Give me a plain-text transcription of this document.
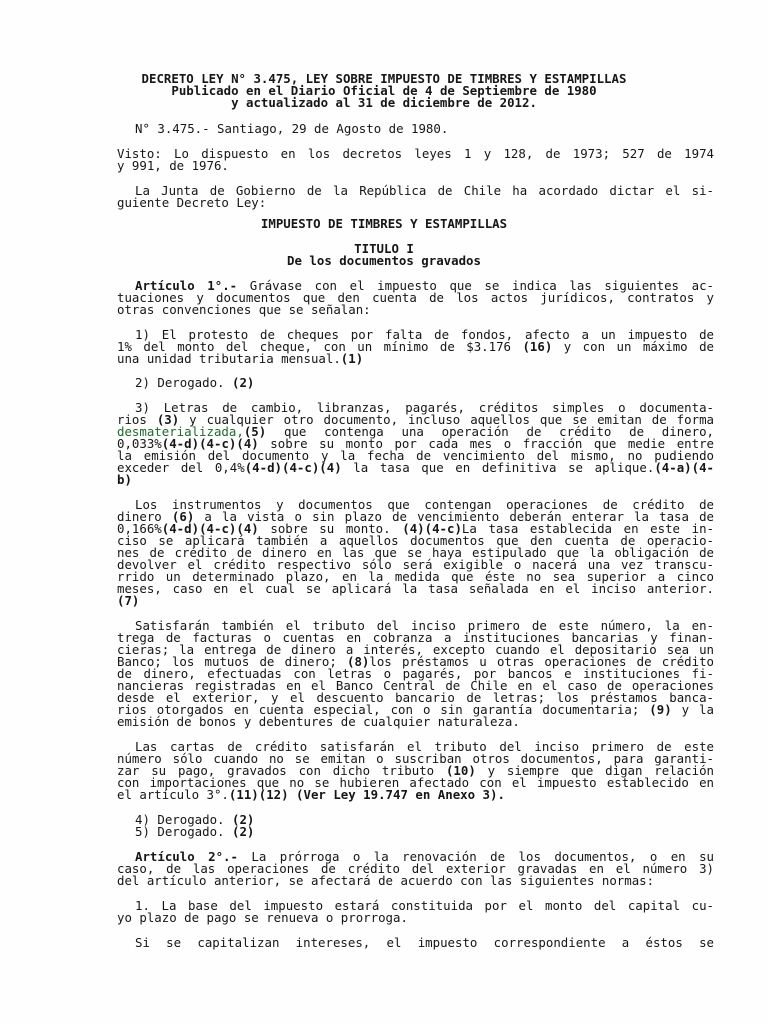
DECRETO LEY N° 3.475, LEY SOBRE IMPUESTO DE TIMBRES Y ESTAMPILLAS
Publicado en el Diario Oficial de 4 de Septiembre de 1980
y actualizado al 31 de diciembre de 2012.
N° 3.475.- Santiago, 29 de Agosto de 1980.
Visto: Lo dispuesto en los decretos leyes 1 y 128, de 1973; 527 de 1974
y 991, de 1976.
La Junta de Gobierno de la República de Chile ha acordado dictar el si-
guiente Decreto Ley:
IMPUESTO DE TIMBRES Y ESTAMPILLAS
TITULO I
De los documentos gravados
Artículo 1°.- Grávase con el impuesto que se indica las siguientes ac-
tuaciones y documentos que den cuenta de los actos jurídicos, contratos y
otras convenciones que se señalan:
1) El protesto de cheques por falta de fondos, afecto a un impuesto de
1% del monto del cheque, con un mínimo de $3.176 (16) y con un máximo de
una unidad tributaria mensual.(1)
2) Derogado. (2)
3) Letras de cambio, libranzas, pagarés, créditos simples o documenta-
rios (3) y cualquier otro documento, incluso aquellos que se emitan de forma
desmaterializada,(5) que contenga una operación de crédito de dinero,
0,033%(4-d)(4-c)(4) sobre su monto por cada mes o fracción que medie entre
la emisión del documento y la fecha de vencimiento del mismo, no pudiendo
exceder del 0,4%(4-d)(4-c)(4) la tasa que en definitiva se aplique.(4-a)(4-
b)
Los instrumentos y documentos que contengan operaciones de crédito de
dinero (6) a la vista o sin plazo de vencimiento deberán enterar la tasa de
0,166%(4-d)(4-c)(4) sobre su monto. (4)(4-c)La tasa establecida en este in-
ciso se aplicará también a aquellos documentos que den cuenta de operacio-
nes de crédito de dinero en las que se haya estipulado que la obligación de
devolver el crédito respectivo sólo será exigible o nacerá una vez transcu-
rrido un determinado plazo, en la medida que éste no sea superior a cinco
meses, caso en el cual se aplicará la tasa señalada en el inciso anterior.
(7)
Satisfarán también el tributo del inciso primero de este número, la en-
trega de facturas o cuentas en cobranza a instituciones bancarias y finan-
cieras; la entrega de dinero a interés, excepto cuando el depositario sea un
Banco; los mutuos de dinero; (8)los préstamos u otras operaciones de crédito
de dinero, efectuadas con letras o pagarés, por bancos e instituciones fi-
nancieras registradas en el Banco Central de Chile en el caso de operaciones
desde el exterior, y el descuento bancario de letras; los préstamos banca-
rios otorgados en cuenta especial, con o sin garantía documentaria; (9) y la
emisión de bonos y debentures de cualquier naturaleza.
Las cartas de crédito satisfarán el tributo del inciso primero de este
número sólo cuando no se emitan o suscriban otros documentos, para garanti-
zar su pago, gravados con dicho tributo (10) y siempre que digan relación
con importaciones que no se hubieren afectado con el impuesto establecido en
el artículo 3°.(11)(12) (Ver Ley 19.747 en Anexo 3).
4) Derogado. (2)
5) Derogado. (2)
Artículo 2°.- La prórroga o la renovación de los documentos, o en su
caso, de las operaciones de crédito del exterior gravadas en el número 3)
del artículo anterior, se afectará de acuerdo con las siguientes normas:
1. La base del impuesto estará constituida por el monto del capital cu-
yo plazo de pago se renueva o prorroga.
Si se capitalizan intereses, el impuesto correspondiente a éstos se
